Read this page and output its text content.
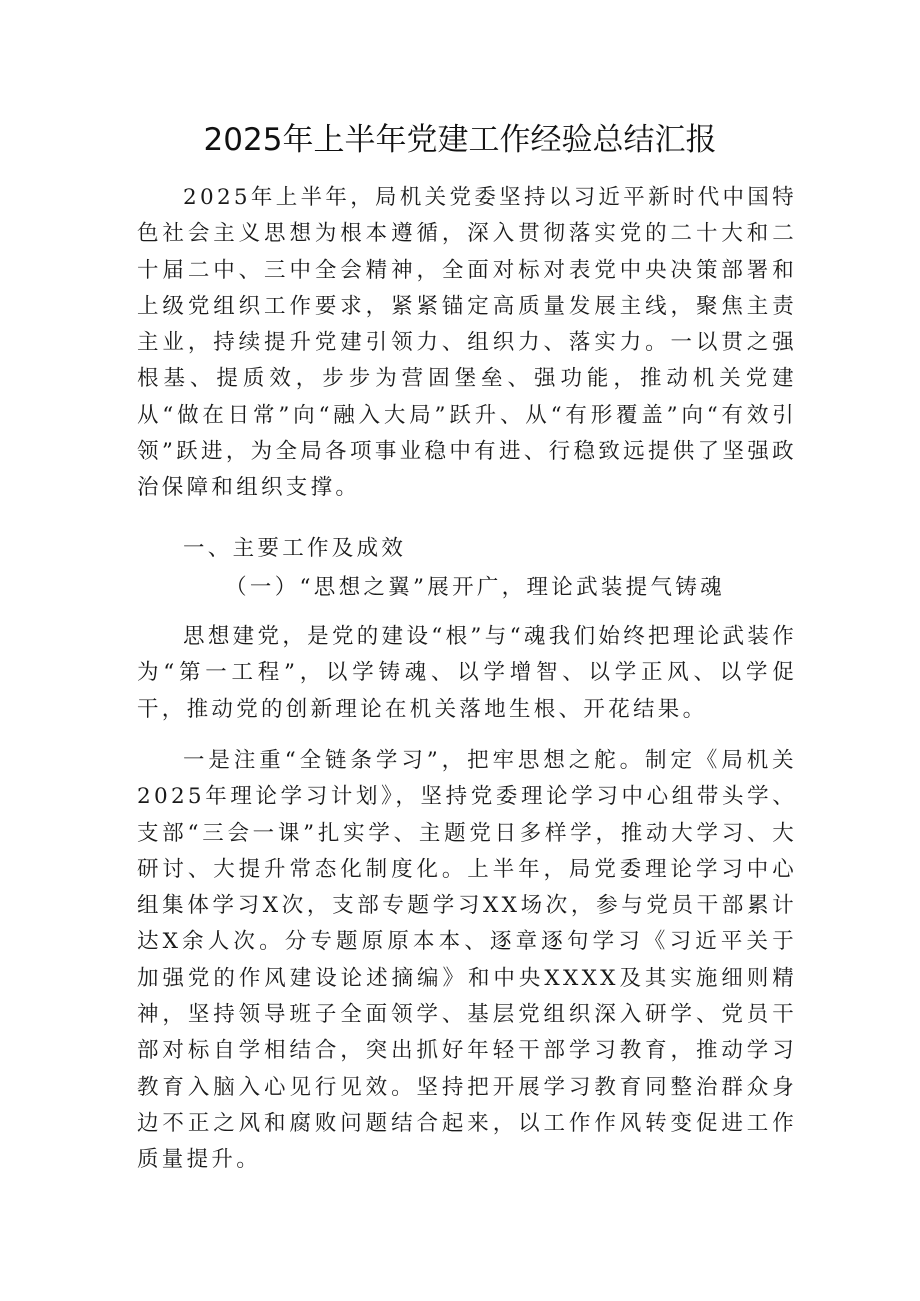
2025年上半年党建工作经验总结汇报

2025年上半年，局机关党委坚持以习近平新时代中国特色社会主义思想为根本遵循，深入贯彻落实党的二十大和二十届二中、三中全会精神，全面对标对表党中央决策部署和上级党组织工作要求，紧紧锚定高质量发展主线，聚焦主责主业，持续提升党建引领力、组织力、落实力。一以贯之强根基、提质效，步步为营固堡垒、强功能，推动机关党建从“做在日常”向“融入大局”跃升、从“有形覆盖”向“有效引领”跃进，为全局各项事业稳中有进、行稳致远提供了坚强政治保障和组织支撑。

一、主要工作及成效

（一）“思想之翼”展开广，理论武装提气铸魂

思想建党，是党的建设“根”与“魂我们始终把理论武装作为“第一工程”，以学铸魂、以学增智、以学正风、以学促干，推动党的创新理论在机关落地生根、开花结果。

一是注重“全链条学习”，把牢思想之舵。制定《局机关2025年理论学习计划》，坚持党委理论学习中心组带头学、支部“三会一课”扎实学、主题党日多样学，推动大学习、大研讨、大提升常态化制度化。上半年，局党委理论学习中心组集体学习X次，支部专题学习XX场次，参与党员干部累计达X余人次。分专题原原本本、逐章逐句学习《习近平关于加强党的作风建设论述摘编》和中央XXXX及其实施细则精神，坚持领导班子全面领学、基层党组织深入研学、党员干部对标自学相结合，突出抓好年轻干部学习教育，推动学习教育入脑入心见行见效。坚持把开展学习教育同整治群众身边不正之风和腐败问题结合起来，以工作作风转变促进工作质量提升。
